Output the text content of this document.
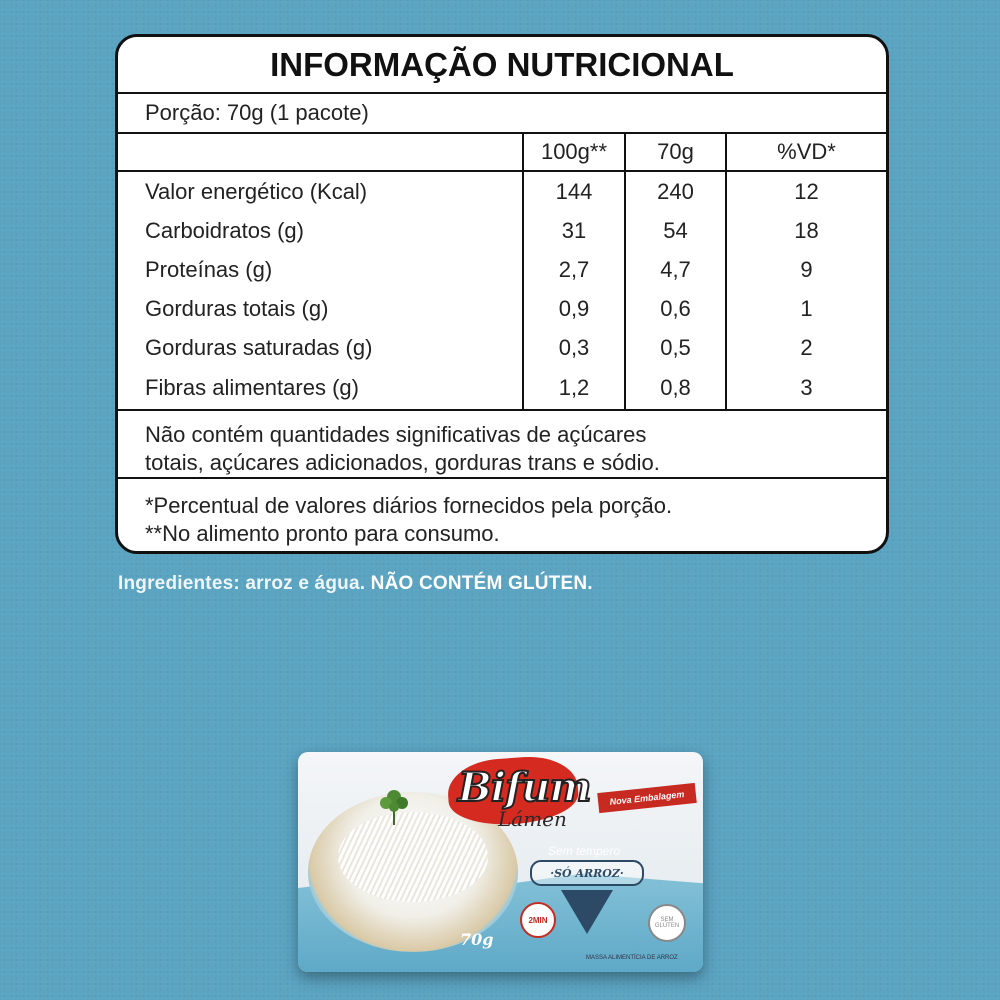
INFORMAÇÃO NUTRICIONAL
Porção: 70g (1 pacote)
	100g**	70g	%VD*
Valor energético (Kcal)	144	240	12
Carboidratos (g)	31	54	18
Proteínas (g)	2,7	4,7	9
Gorduras totais (g)	0,9	0,6	1
Gorduras saturadas (g)	0,3	0,5	2
Fibras alimentares (g)	1,2	0,8	3
Não contém quantidades significativas de açúcares
totais, açúcares adicionados, gorduras trans e sódio.
*Percentual de valores diários fornecidos pela porção.
**No alimento pronto para consumo.
Ingredientes: arroz e água. NÃO CONTÉM GLÚTEN.
Bifum
Lámen
Nova Embalagem
Sem tempero
·SÓ ARROZ·
2MIN	SEM GLÚTEN
70g
MASSA ALIMENTÍCIA DE ARROZ
